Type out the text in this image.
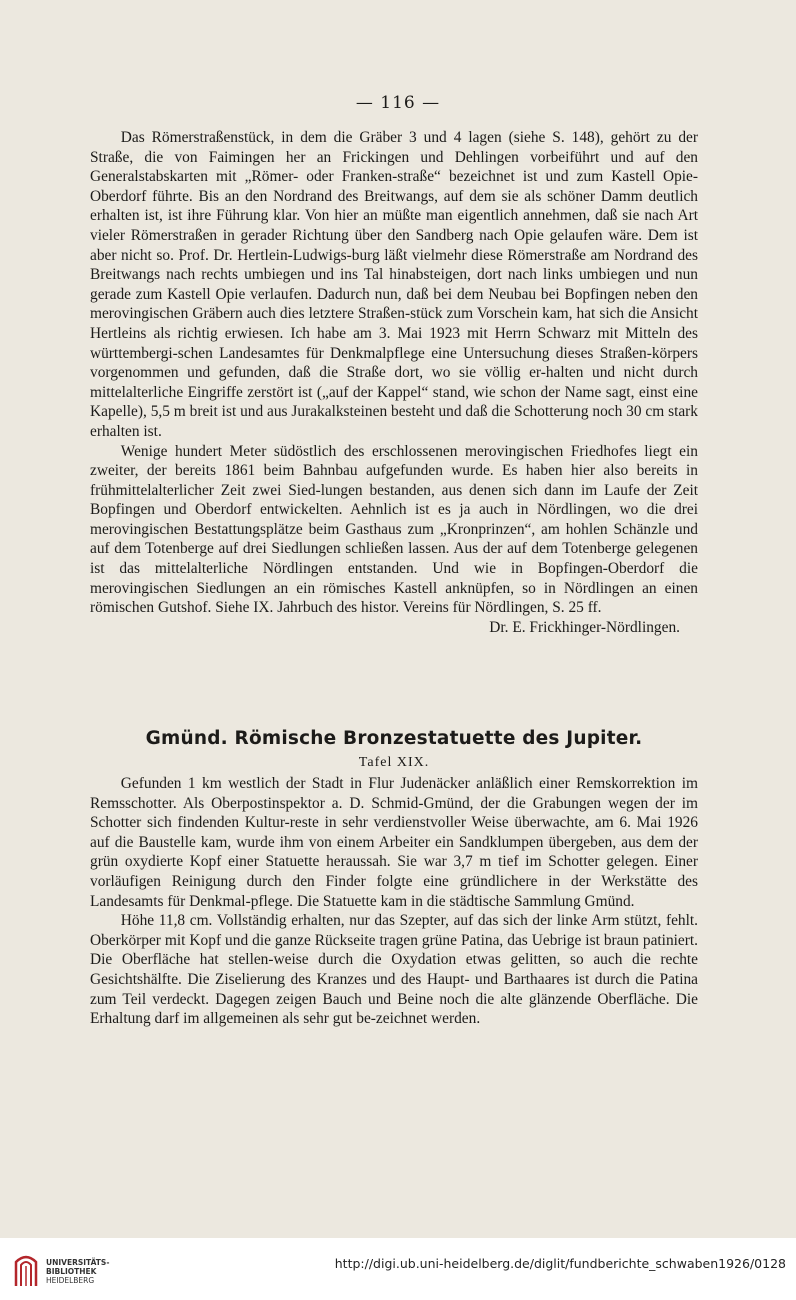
— 116 —

Das Römerstraßenstück, in dem die Gräber 3 und 4 lagen (siehe S. 148), gehört zu der Straße, die von Faimingen her an Frickingen und Dehlingen vorbeiführt und auf den Generalstabskarten mit „Römer- oder Franken-straße“ bezeichnet ist und zum Kastell Opie-Oberdorf führte. Bis an den Nordrand des Breitwangs, auf dem sie als schöner Damm deutlich erhalten ist, ist ihre Führung klar. Von hier an müßte man eigentlich annehmen, daß sie nach Art vieler Römerstraßen in gerader Richtung über den Sandberg nach Opie gelaufen wäre. Dem ist aber nicht so. Prof. Dr. Hertlein-Ludwigs-burg läßt vielmehr diese Römerstraße am Nordrand des Breitwangs nach rechts umbiegen und ins Tal hinabsteigen, dort nach links umbiegen und nun gerade zum Kastell Opie verlaufen. Dadurch nun, daß bei dem Neubau bei Bopfingen neben den merovingischen Gräbern auch dies letztere Straßen-stück zum Vorschein kam, hat sich die Ansicht Hertleins als richtig erwiesen. Ich habe am 3. Mai 1923 mit Herrn Schwarz mit Mitteln des württembergi-schen Landesamtes für Denkmalpflege eine Untersuchung dieses Straßen-körpers vorgenommen und gefunden, daß die Straße dort, wo sie völlig er-halten und nicht durch mittelalterliche Eingriffe zerstört ist („auf der Kappel“ stand, wie schon der Name sagt, einst eine Kapelle), 5,5 m breit ist und aus Jurakalksteinen besteht und daß die Schotterung noch 30 cm stark erhalten ist.

Wenige hundert Meter südöstlich des erschlossenen merovingischen Friedhofes liegt ein zweiter, der bereits 1861 beim Bahnbau aufgefunden wurde. Es haben hier also bereits in frühmittelalterlicher Zeit zwei Sied-lungen bestanden, aus denen sich dann im Laufe der Zeit Bopfingen und Oberdorf entwickelten. Aehnlich ist es ja auch in Nördlingen, wo die drei merovingischen Bestattungsplätze beim Gasthaus zum „Kronprinzen“, am hohlen Schänzle und auf dem Totenberge auf drei Siedlungen schließen lassen. Aus der auf dem Totenberge gelegenen ist das mittelalterliche Nördlingen entstanden. Und wie in Bopfingen-Oberdorf die merovingischen Siedlungen an ein römisches Kastell anknüpfen, so in Nördlingen an einen römischen Gutshof. Siehe IX. Jahrbuch des histor. Vereins für Nördlingen, S. 25 ff.

Dr. E. Frickhinger-Nördlingen.

Gmünd. Römische Bronzestatuette des Jupiter.
Tafel XIX.

Gefunden 1 km westlich der Stadt in Flur Judenäcker anläßlich einer Remskorrektion im Remsschotter. Als Oberpostinspektor a. D. Schmid-Gmünd, der die Grabungen wegen der im Schotter sich findenden Kultur-reste in sehr verdienstvoller Weise überwachte, am 6. Mai 1926 auf die Baustelle kam, wurde ihm von einem Arbeiter ein Sandklumpen übergeben, aus dem der grün oxydierte Kopf einer Statuette heraussah. Sie war 3,7 m tief im Schotter gelegen. Einer vorläufigen Reinigung durch den Finder folgte eine gründlichere in der Werkstätte des Landesamts für Denkmal-pflege. Die Statuette kam in die städtische Sammlung Gmünd.

Höhe 11,8 cm. Vollständig erhalten, nur das Szepter, auf das sich der linke Arm stützt, fehlt. Oberkörper mit Kopf und die ganze Rückseite tragen grüne Patina, das Uebrige ist braun patiniert. Die Oberfläche hat stellen-weise durch die Oxydation etwas gelitten, so auch die rechte Gesichtshälfte. Die Ziselierung des Kranzes und des Haupt- und Barthaares ist durch die Patina zum Teil verdeckt. Dagegen zeigen Bauch und Beine noch die alte glänzende Oberfläche. Die Erhaltung darf im allgemeinen als sehr gut be-zeichnet werden.

UNIVERSITÄTS-
BIBLIOTHEK
HEIDELBERG
http://digi.ub.uni-heidelberg.de/diglit/fundberichte_schwaben1926/0128
